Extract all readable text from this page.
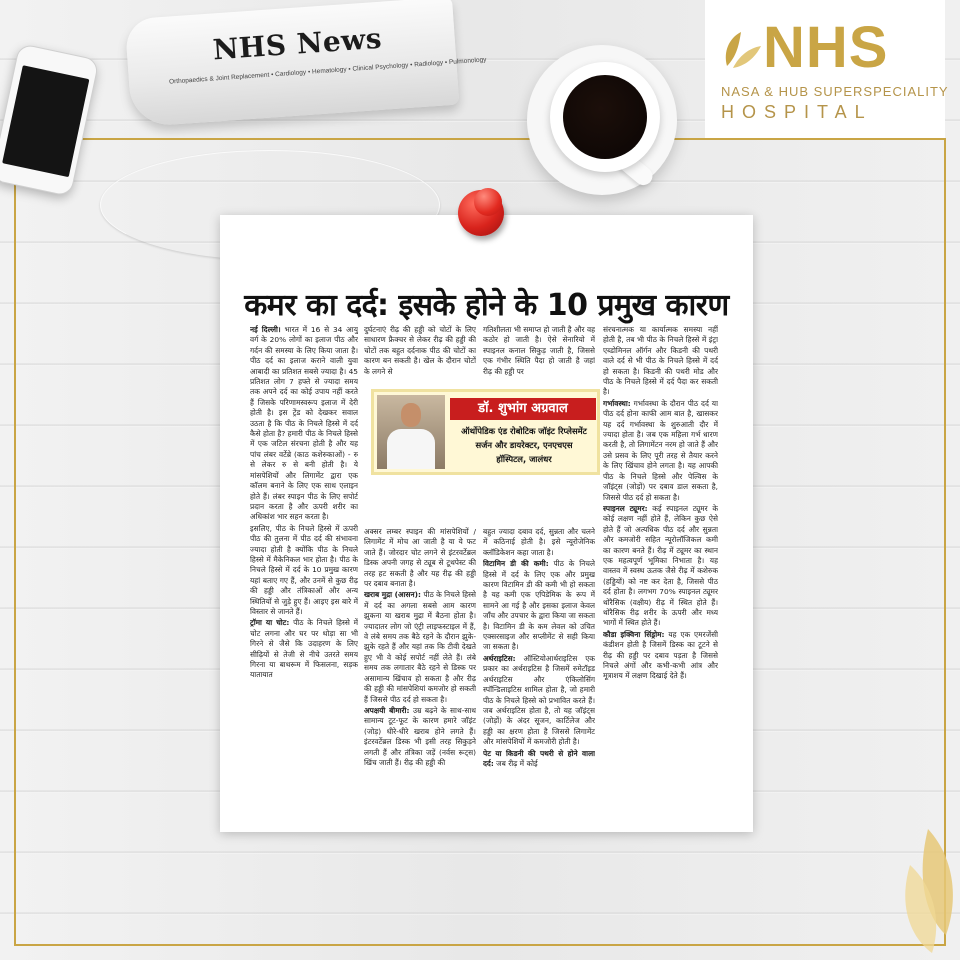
NHS News
Orthopaedics & Joint Replacement • Cardiology • Hematology • Clinical Psychology • Radiology • Pulmonology	NHS
NASA & HUB SUPERSPECIALITY
HOSPITAL
कमर का दर्द: इसके होने के 10 प्रमुख कारण

नई दिल्ली। भारत में 16 से 34 आयु वर्ग के 20% लोगों का इलाज पीठ और गर्दन की समस्या के लिए किया जाता है। पीठ दर्द का इलाज कराने वाली युवा आबादी का प्रतिशत सबसे ज्यादा है। 45 प्रतिशत लोग 7 हफ्ते से ज्यादा समय तक अपने दर्द का कोई उपाय नहीं करते हैं जिसके परिणामस्वरूप इलाज में देरी होती है। इस ट्रेंड को देखकर सवाल उठता है कि पीठ के निचले हिस्से में दर्द कैसे होता है? हमारी पीठ के निचले हिस्से में एक जटिल संरचना होती है और यह पांच लंबर वर्टेब्रे (काठ कशेरुकाओं) - रु से लेकर रु से बनी होती है। ये मांसपेशियों और लिगामेंट द्वारा एक कॉलम बनाने के लिए एक साथ एलाइन होते हैं। लंबर स्पाइन पीठ के लिए सपोर्ट प्रदान करता है और ऊपरी शरीर का अधिकांश भार सहन करता है।

इसलिए, पीठ के निचले हिस्से में ऊपरी पीठ की तुलना में पीठ दर्द की संभावना ज्यादा होती है क्योंकि पीठ के निचले हिस्से में मैकेनिकल भार होता है। पीठ के निचले हिस्से में दर्द के 10 प्रमुख कारण यहां बताए गए हैं, और उनमें से कुछ रीढ़ की हड्डी और तंत्रिकाओं और अन्य स्थितियों से जुड़े हुए हैं। आइए इस बारे में विस्तार से जानते हैं।

ट्रॉमा या चोट: पीठ के निचले हिस्से में चोट लगना और घर पर थोड़ा सा भी गिरने से जैसे कि उदाहरण के लिए सीढ़ियों से तेजी से नीचे उतरते समय गिरना या बाथरूम में फिसलना, सड़क यातायात

दुर्घटनाएं रीढ़ की हड्डी को चोटों के लिए साधारण फ्रैक्चर से लेकर रीढ़ की हड्डी की चोटों तक बहुत दर्दनाक पीठ की चोटों का कारण बन सकती है। खेल के दौरान चोटों के लगने से

गतिशीलता भी समाप्त हो जाती है और वह कठोर हो जाती है। ऐसे सेनारियो में स्पाइनल कनाल सिकुड़ जाती है, जिससे एक गंभीर स्थिति पैदा हो जाती है जहां रीढ़ की हड्डी पर

डॉ. शुभांग अग्रवाल
ऑर्थोपेडिक एंड रोबोटिक जॉइंट रिप्लेसमेंट
सर्जन और डायरेक्टर, एनएचएस
हॉस्पिटल, जालंधर

अक्सर लम्बर स्पाइन की मांसपेशियों / लिगामेंट में मोच आ जाती है या ये फट जाते हैं। जोरदार चोट लगने से इंटरवर्टेब्रल डिस्क अपनी जगह से ट्यूब से टूथपेस्ट की तरह हट सकती है और यह रीढ़ की हड्डी पर दबाव बनाता है।

खराब मुद्रा (आसन): पीठ के निचले हिस्से में दर्द का अगला सबसे आम कारण झुकना या खराब मुद्रा में बैठना होता है। ज्यादातर लोग जो एंट्री लाइफस्टाइल में हैं, वे लंबे समय तक बैठे रहने के दौरान झुके-झुके रहते हैं और यहां तक कि टीवी देखते हुए भी वे कोई सपोर्ट नहीं लेते हैं। लंबे समय तक लगातार बैठे रहने से डिस्क पर असामान्य खिंचाव हो सकता है और रीढ़ की हड्डी की मांसपेशियां कमजोर हो सकती हैं जिससे पीठ दर्द हो सकता है।

अपक्षयी बीमारी: उम्र बढ़ने के साथ-साथ सामान्य टूट-फूट के कारण हमारे जॉइंट (जोड़) धीरे-धीरे खराब होने लगते हैं। इंटरवर्टेब्रल डिस्क भी इसी तरह सिकुड़ने लगती हैं और तंत्रिका जड़ें (नर्वस रूट्स) खिंच जाती हैं। रीढ़ की हड्डी की

बहुत ज्यादा दबाव दर्द, सुन्नता और चलने में कठिनाई होती है। इसे न्यूरोजेनिक क्लॉडिकेशन कहा जाता है।

विटामिन डी की कमी: पीठ के निचले हिस्से में दर्द के लिए एक और प्रमुख कारण विटामिन डी की कमी भी हो सकता है यह कमी एक एपिडेमिक के रूप में सामने आ गई है और इसका इलाज केवल जाँच और उपचार के द्वारा किया जा सकता है। विटामिन डी के कम लेवल को उचित एक्सरसाइज और सप्लीमेंट से सही किया जा सकता है।

अर्थराइटिस: ऑस्टियोआर्थराइटिस एक प्रकार का अर्थराइटिस है जिसमें रुमेटॉइड अर्थराइटिस और एंकिलोसिंग स्पॉन्डिलाइटिस शामिल होता है, जो हमारी पीठ के निचले हिस्से को प्रभावित करते हैं। जब अर्थराइटिस होता है, तो यह जॉइंट्स (जोड़ों) के अंदर सूजन, कार्टिलेज और हड्डी का क्षरण होता है जिससे लिगामेंट और मांसपेशियों में कमजोरी होती है।

पेट या किडनी की पथरी से होने वाला दर्द: जब रीढ़ में कोई

संरचनात्मक या कार्यात्मक समस्या नहीं होती है, तब भी पीठ के निचले हिस्से में इंट्रा एब्डोमिनल ऑर्गन और किडनी की पथरी वाले दर्द से भी पीठ के निचले हिस्से में दर्द हो सकता है। किडनी की पथरी मोड और पीठ के निचले हिस्से में दर्द पैदा कर सकती है।

गर्भावस्था: गर्भावस्था के दौरान पीठ दर्द या पीठ दर्द होना काफी आम बात है, खासकर यह दर्द गर्भावस्था के शुरुआती दौर में ज्यादा होता है। जब एक महिला गर्भ धारण करती है, तो लिगामेंटन नरम हो जाते हैं और उसे प्रसव के लिए पूरी तरह से तैयार करने के लिए खिंचाव होने लगता है। यह आपकी पीठ के निचले हिस्से और पेल्विस के जॉइंट्स (जोड़ों) पर दबाव डाल सकता है, जिससे पीठ दर्द हो सकता है।

स्पाइनल ट्यूमर: कई स्पाइनल ट्यूमर के कोई लक्षण नहीं होते हैं, लेकिन कुछ ऐसे होते हैं जो अत्यधिक पीठ दर्द और सुन्नता और कमजोरी सहित न्यूरोलॉजिकल कमी का कारण बनते हैं। रीढ़ में ट्यूमर का स्थान एक महत्वपूर्ण भूमिका निभाता है। यह वास्तव में स्वस्थ ऊतक जैसे रीढ़ में कशेरुक (हड्डियों) को नष्ट कर देता है, जिससे पीठ दर्द होता है। लगभग 70% स्पाइनल ट्यूमर थोरैसिक (वक्षीय) रीढ़ में स्थित होते हैं। थोरैसिक रीढ़ शरीर के ऊपरी और मध्य भागों में स्थित होते हैं।

कौडा इक्विना सिंड्रोम: यह एक एमरजेंसी कंडीशन होती है जिसमें डिस्क का टूटने से रीढ़ की हड्डी पर दबाव पड़ता है जिससे निचले अंगों और कभी-कभी आंत्र और मूत्राशय में लक्षण दिखाई देते हैं।
